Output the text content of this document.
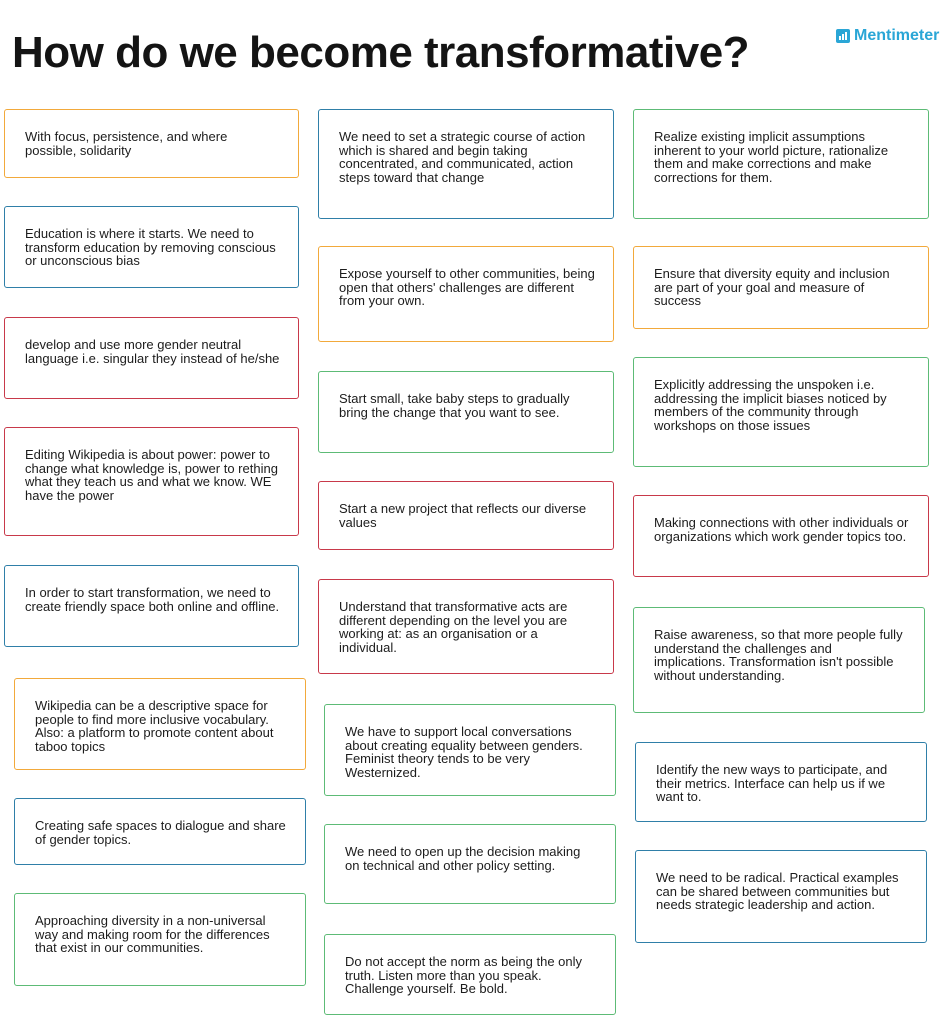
How do we become transformative?	Mentimeter
With focus, persistence, and where possible, solidarity
Education is where it starts. We need to transform education by removing conscious or unconscious bias
develop and use more gender neutral language i.e. singular they instead of he/she
Editing Wikipedia is about power: power to change what knowledge is, power to rething what they teach us and what we know. WE have the power
In order to start transformation, we need to create friendly space both online and offline.
Wikipedia can be a descriptive space for people to find more inclusive vocabulary. Also: a platform to promote content about taboo topics
Creating safe spaces to dialogue and share of gender topics.
Approaching diversity in a non-universal way and making room for the differences that exist in our communities.
We need to set a strategic course of action which is shared and begin taking concentrated, and communicated, action steps toward that change
Expose yourself to other communities, being open that others' challenges are different from your own.
Start small, take baby steps to gradually bring the change that you want to see.
Start a new project that reflects our diverse values
Understand that transformative acts are different depending on the level you are working at: as an organisation or a individual.
We have to support local conversations about creating equality between genders. Feminist theory tends to be very Westernized.
We need to open up the decision making on technical and other policy setting.
Do not accept the norm as being the only truth. Listen more than you speak. Challenge yourself. Be bold.
Realize existing implicit assumptions inherent to your world picture, rationalize them and make corrections and make corrections for them.
Ensure that diversity equity and inclusion are part of your goal and measure of success
Explicitly addressing the unspoken i.e. addressing the implicit biases noticed by members of the community through workshops on those issues
Making connections with other individuals or organizations which work gender topics too.
Raise awareness, so that more people fully understand the challenges and implications. Transformation isn't possible without understanding.
Identify the new ways to participate, and their metrics. Interface can help us if we want to.
We need to be radical. Practical examples can be shared between communities but needs strategic leadership and action.
